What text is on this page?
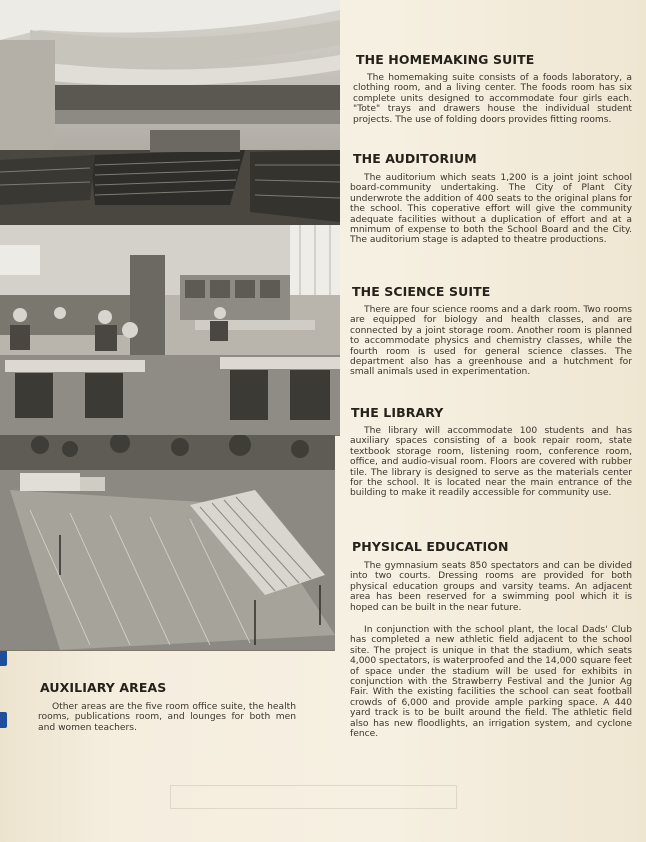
THE HOMEMAKING SUITE

The homemaking suite consists of a foods laboratory, a clothing room, and a living center. The foods room has six complete units designed to accommodate four girls each. "Tote" trays and drawers house the individual student projects. The use of folding doors provides fitting rooms.

THE AUDITORIUM

The auditorium which seats 1,200 is a joint joint school board-community undertaking. The City of Plant City underwrote the addition of 400 seats to the original plans for the school. This coperative effort will give the community adequate facilities without a duplication of effort and at a mnimum of expense to both the School Board and the City. The auditorium stage is adapted to theatre productions.

THE SCIENCE SUITE

There are four science rooms and a dark room. Two rooms are equipped for biology and health classes, and are connected by a joint storage room. Another room is planned to accommodate physics and chemistry classes, while the fourth room is used for general science classes. The department also has a greenhouse and a hutchment for small animals used in experimentation.

THE LIBRARY

The library will accommodate 100 students and has auxiliary spaces consisting of a book repair room, state textbook storage room, listening room, conference room, office, and audio-visual room. Floors are covered with rubber tile. The library is designed to serve as the materials center for the school. It is located near the main entrance of the building to make it readily accessible for community use.

PHYSICAL EDUCATION

The gymnasium seats 850 spectators and can be divided into two courts. Dressing rooms are provided for both physical education groups and varsity teams. An adjacent area has been reserved for a swimming pool which it is hoped can be built in the near future.

In conjunction with the school plant, the local Dads' Club has completed a new athletic field adjacent to the school site. The project is unique in that the stadium, which seats 4,000 spectators, is waterproofed and the 14,000 square feet of space under the stadium will be used for exhibits in conjunction with the Strawberry Festival and the Junior Ag Fair. With the existing facilities the school can seat football crowds of 6,000 and provide ample parking space. A 440 yard track is to be built around the field. The athletic field also has new floodlights, an irrigation system, and cyclone fence.

AUXILIARY AREAS

Other areas are the five room office suite, the health rooms, publications room, and lounges for both men and women teachers.
